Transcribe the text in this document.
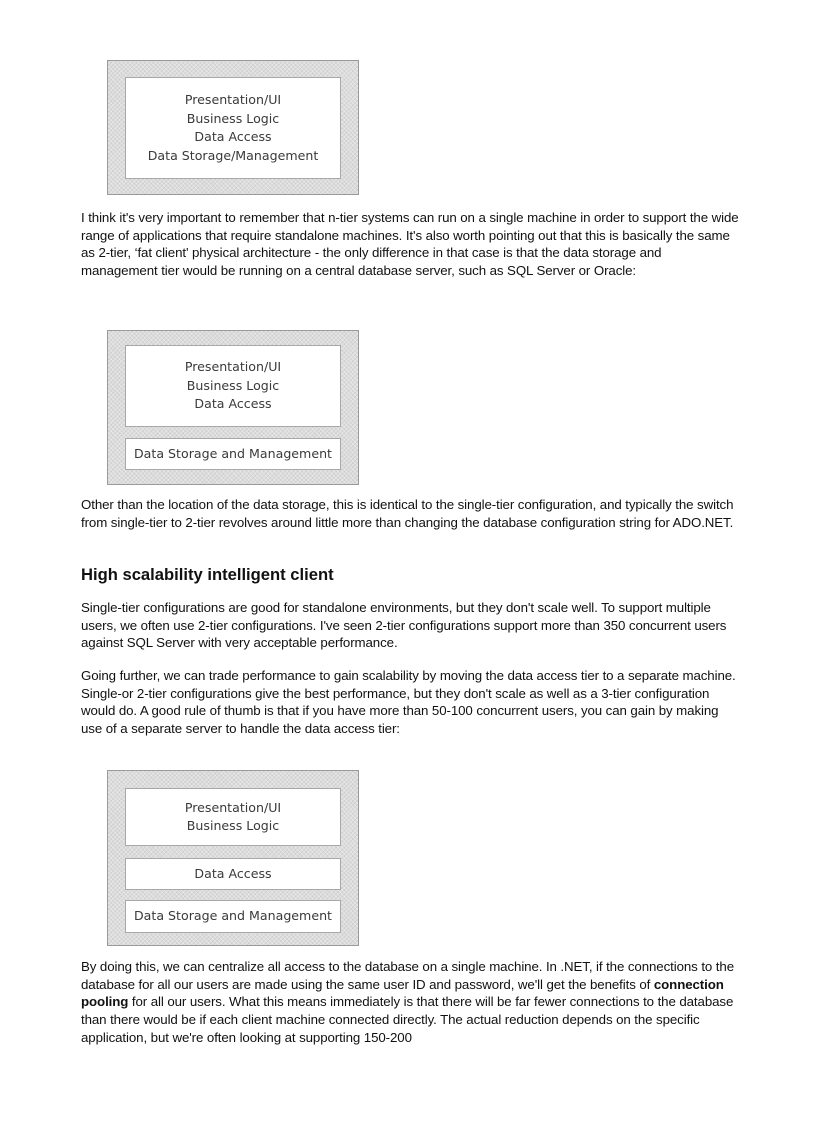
Presentation/UI
Business Logic
Data Access
Data Storage/Management

I think it's very important to remember that n-tier systems can run on a single machine in order to support the wide range of applications that require standalone machines. It's also worth pointing out that this is basically the same as 2-tier, ‘fat client' physical architecture - the only difference in that case is that the data storage and management tier would be running on a central database server, such as SQL Server or Oracle:

Presentation/UI
Business Logic
Data Access
Data Storage and Management

Other than the location of the data storage, this is identical to the single-tier configuration, and typically the switch from single-tier to 2-tier revolves around little more than changing the database configuration string for ADO.NET.

High scalability intelligent client

Single-tier configurations are good for standalone environments, but they don't scale well. To support multiple users, we often use 2-tier configurations. I've seen 2-tier configurations support more than 350 concurrent users against SQL Server with very acceptable performance.

Going further, we can trade performance to gain scalability by moving the data access tier to a separate machine. Single-or 2-tier configurations give the best performance, but they don't scale as well as a 3-tier configuration would do. A good rule of thumb is that if you have more than 50-100 concurrent users, you can gain by making use of a separate server to handle the data access tier:

Presentation/UI
Business Logic
Data Access
Data Storage and Management

By doing this, we can centralize all access to the database on a single machine. In .NET, if the connections to the database for all our users are made using the same user ID and password, we'll get the benefits of connection pooling for all our users. What this means immediately is that there will be far fewer connections to the database than there would be if each client machine connected directly. The actual reduction depends on the specific application, but we're often looking at supporting 150-200
